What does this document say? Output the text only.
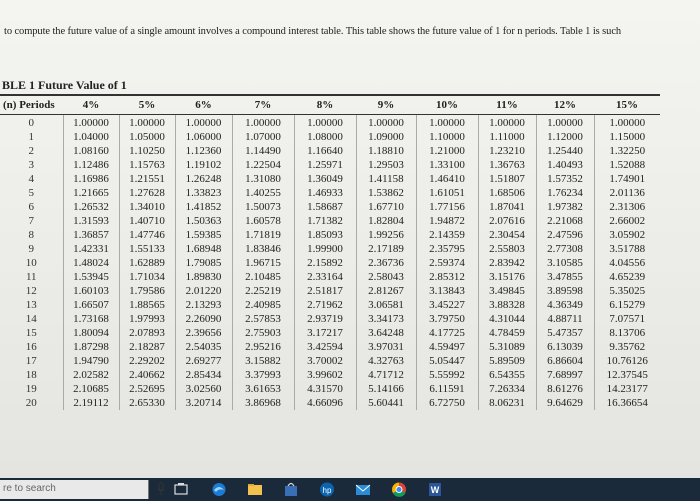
to compute the future value of a single amount involves a compound interest table. This table shows the future value of 1 for n periods. Table 1 is such
BLE 1 Future Value of 1
(n) Periods	4%	5%	6%	7%	8%	9%	10%	11%	12%	15%
0	1.00000	1.00000	1.00000	1.00000	1.00000	1.00000	1.00000	1.00000	1.00000	1.00000
1	1.04000	1.05000	1.06000	1.07000	1.08000	1.09000	1.10000	1.11000	1.12000	1.15000
2	1.08160	1.10250	1.12360	1.14490	1.16640	1.18810	1.21000	1.23210	1.25440	1.32250
3	1.12486	1.15763	1.19102	1.22504	1.25971	1.29503	1.33100	1.36763	1.40493	1.52088
4	1.16986	1.21551	1.26248	1.31080	1.36049	1.41158	1.46410	1.51807	1.57352	1.74901
5	1.21665	1.27628	1.33823	1.40255	1.46933	1.53862	1.61051	1.68506	1.76234	2.01136
6	1.26532	1.34010	1.41852	1.50073	1.58687	1.67710	1.77156	1.87041	1.97382	2.31306
7	1.31593	1.40710	1.50363	1.60578	1.71382	1.82804	1.94872	2.07616	2.21068	2.66002
8	1.36857	1.47746	1.59385	1.71819	1.85093	1.99256	2.14359	2.30454	2.47596	3.05902
9	1.42331	1.55133	1.68948	1.83846	1.99900	2.17189	2.35795	2.55803	2.77308	3.51788
10	1.48024	1.62889	1.79085	1.96715	2.15892	2.36736	2.59374	2.83942	3.10585	4.04556
11	1.53945	1.71034	1.89830	2.10485	2.33164	2.58043	2.85312	3.15176	3.47855	4.65239
12	1.60103	1.79586	2.01220	2.25219	2.51817	2.81267	3.13843	3.49845	3.89598	5.35025
13	1.66507	1.88565	2.13293	2.40985	2.71962	3.06581	3.45227	3.88328	4.36349	6.15279
14	1.73168	1.97993	2.26090	2.57853	2.93719	3.34173	3.79750	4.31044	4.88711	7.07571
15	1.80094	2.07893	2.39656	2.75903	3.17217	3.64248	4.17725	4.78459	5.47357	8.13706
16	1.87298	2.18287	2.54035	2.95216	3.42594	3.97031	4.59497	5.31089	6.13039	9.35762
17	1.94790	2.29202	2.69277	3.15882	3.70002	4.32763	5.05447	5.89509	6.86604	10.76126
18	2.02582	2.40662	2.85434	3.37993	3.99602	4.71712	5.55992	6.54355	7.68997	12.37545
19	2.10685	2.52695	3.02560	3.61653	4.31570	5.14166	6.11591	7.26334	8.61276	14.23177
20	2.19112	2.65330	3.20714	3.86968	4.66096	5.60441	6.72750	8.06231	9.64629	16.36654
re to search	hp	W
